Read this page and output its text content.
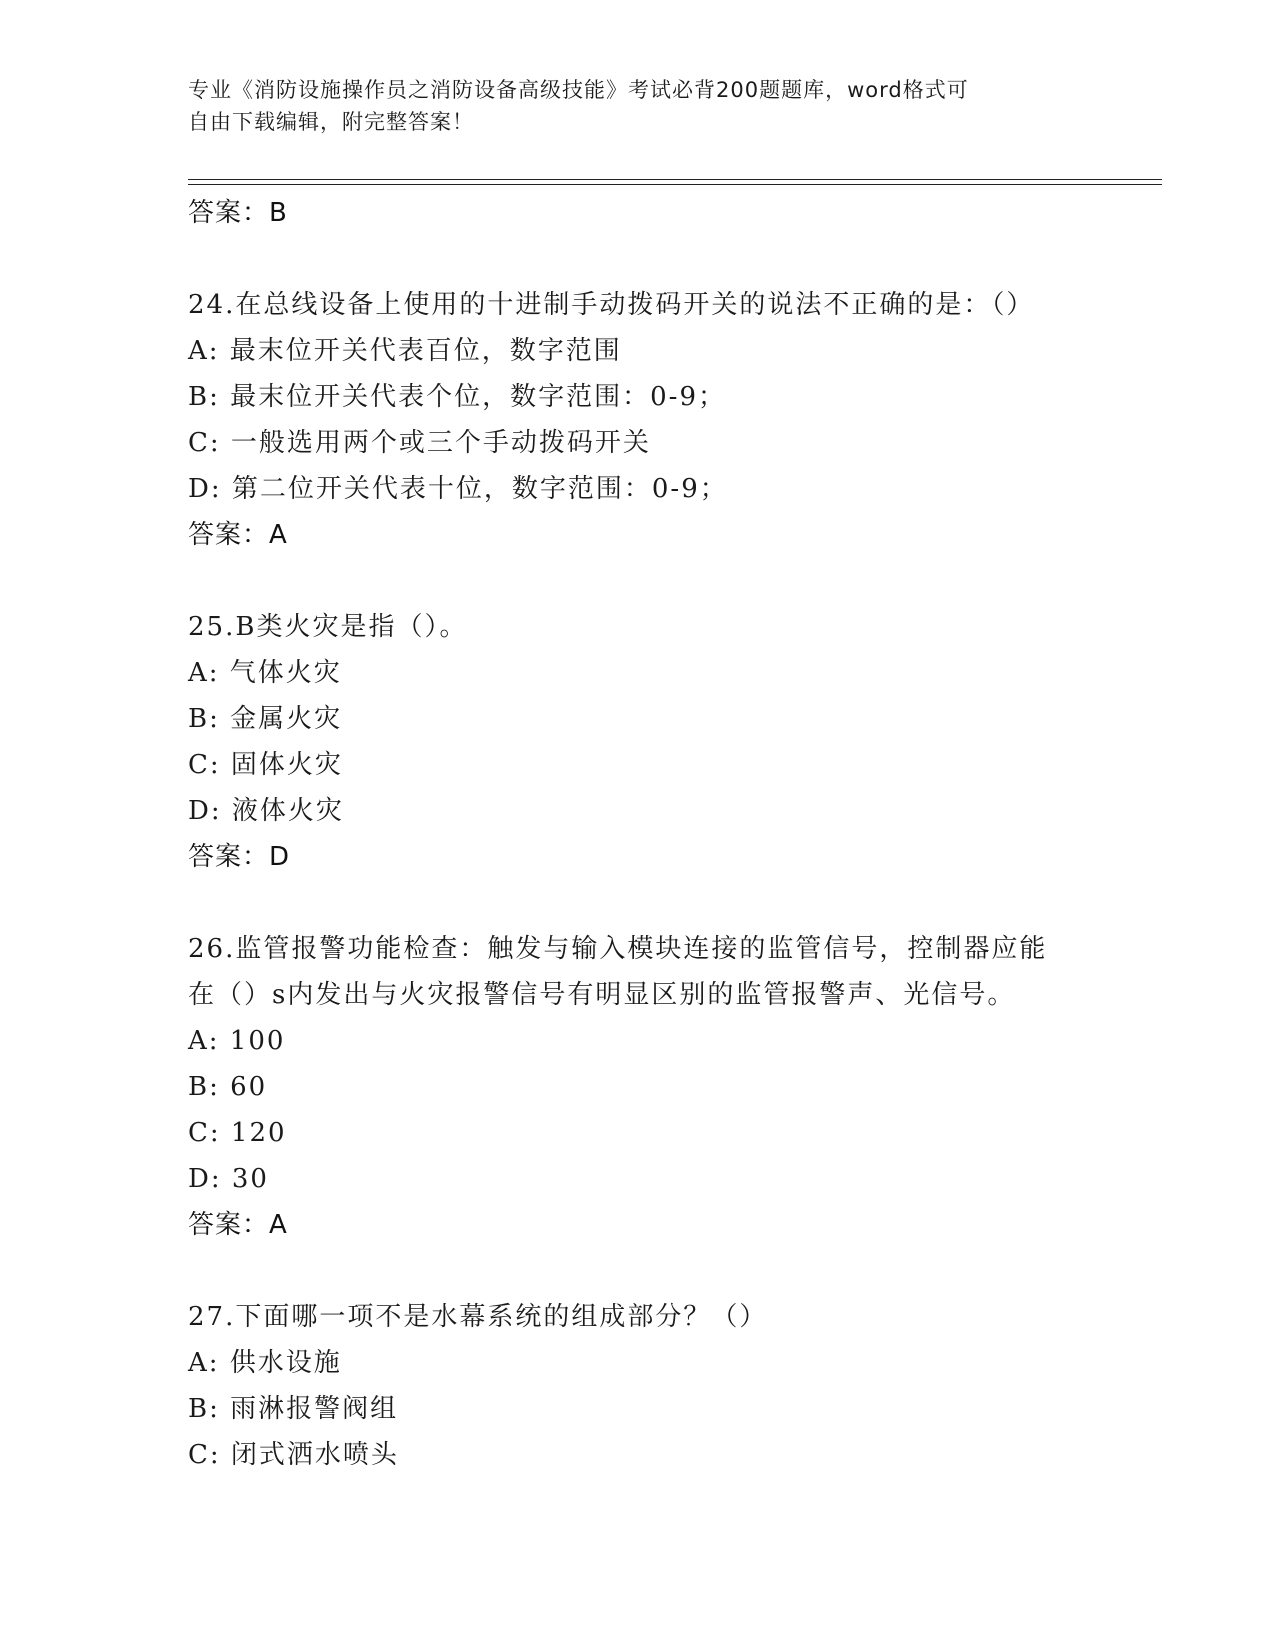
专业《消防设施操作员之消防设备高级技能》考试必背200题题库，word格式可
自由下载编辑，附完整答案！
答案：B
24.在总线设备上使用的十进制手动拨码开关的说法不正确的是：（）
A: 最末位开关代表百位，数字范围
B: 最末位开关代表个位，数字范围：0-9；
C: 一般选用两个或三个手动拨码开关
D: 第二位开关代表十位，数字范围：0-9；
答案：A
25.B类火灾是指（）。
A: 气体火灾
B: 金属火灾
C: 固体火灾
D: 液体火灾
答案：D
26.监管报警功能检查：触发与输入模块连接的监管信号，控制器应能
在（）s内发出与火灾报警信号有明显区别的监管报警声、光信号。
A: 100
B: 60
C: 120
D: 30
答案：A
27.下面哪一项不是水幕系统的组成部分？（）
A: 供水设施
B: 雨淋报警阀组
C: 闭式洒水喷头
